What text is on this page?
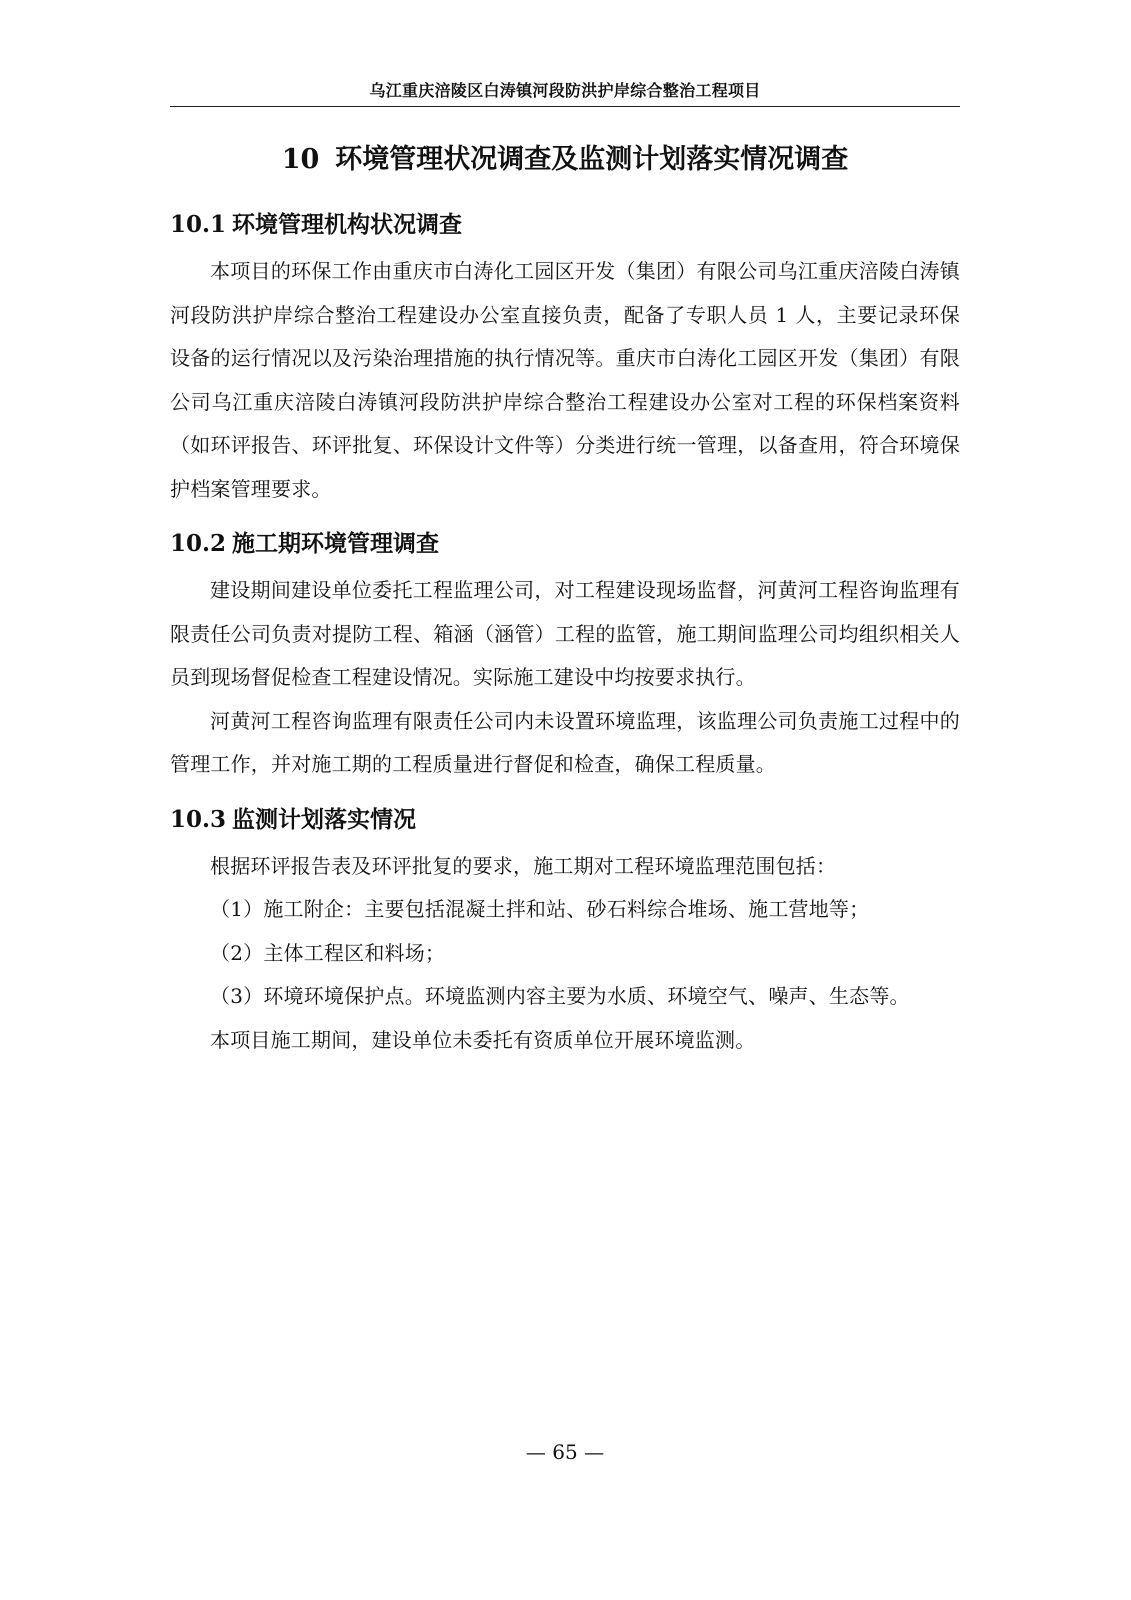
乌江重庆涪陵区白涛镇河段防洪护岸综合整治工程项目
10 环境管理状况调查及监测计划落实情况调查
10.1 环境管理机构状况调查

本项目的环保工作由重庆市白涛化工园区开发（集团）有限公司乌江重庆涪陵白涛镇河段防洪护岸综合整治工程建设办公室直接负责，配备了专职人员 1 人，主要记录环保设备的运行情况以及污染治理措施的执行情况等。重庆市白涛化工园区开发（集团）有限公司乌江重庆涪陵白涛镇河段防洪护岸综合整治工程建设办公室对工程的环保档案资料（如环评报告、环评批复、环保设计文件等）分类进行统一管理，以备查用，符合环境保护档案管理要求。

10.2 施工期环境管理调查

建设期间建设单位委托工程监理公司，对工程建设现场监督，河黄河工程咨询监理有限责任公司负责对提防工程、箱涵（涵管）工程的监管，施工期间监理公司均组织相关人员到现场督促检查工程建设情况。实际施工建设中均按要求执行。

河黄河工程咨询监理有限责任公司内未设置环境监理，该监理公司负责施工过程中的管理工作，并对施工期的工程质量进行督促和检查，确保工程质量。

10.3 监测计划落实情况

根据环评报告表及环评批复的要求，施工期对工程环境监理范围包括：

（1）施工附企：主要包括混凝土拌和站、砂石料综合堆场、施工营地等；

（2）主体工程区和料场；

（3）环境环境保护点。环境监测内容主要为水质、环境空气、噪声、生态等。

本项目施工期间，建设单位未委托有资质单位开展环境监测。

— 65 —
